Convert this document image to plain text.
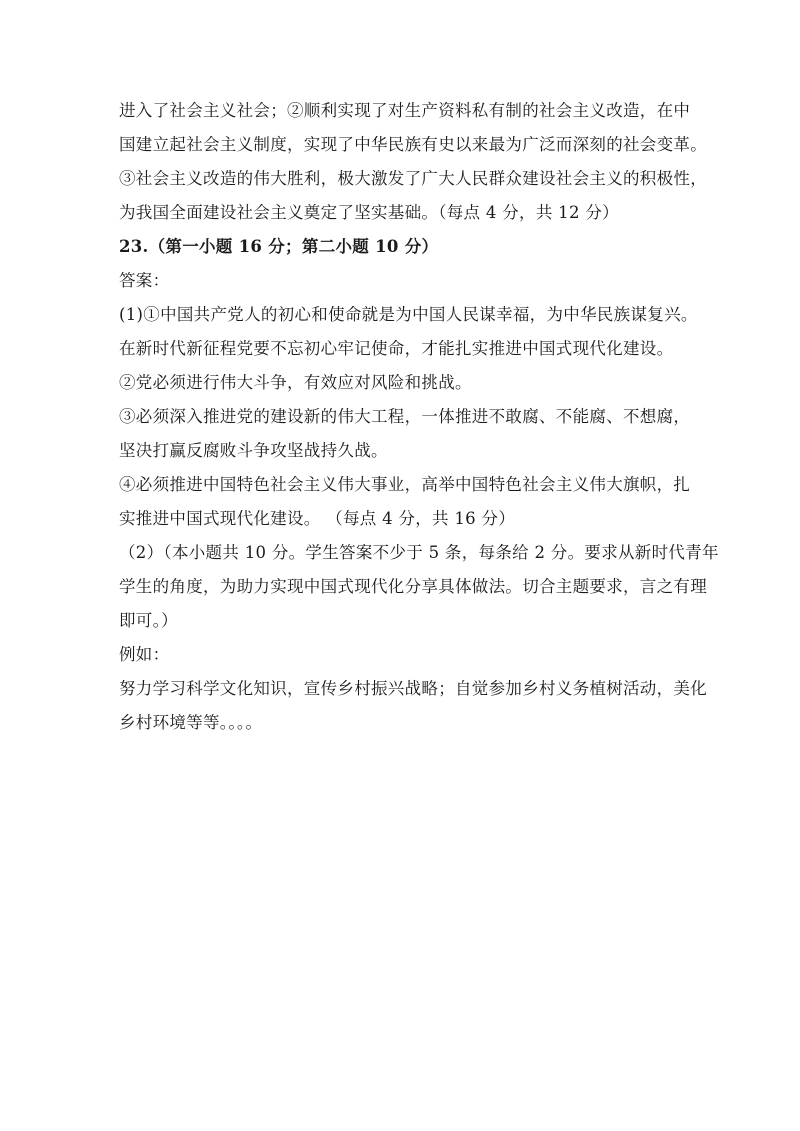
进入了社会主义社会；②顺利实现了对生产资料私有制的社会主义改造，在中
国建立起社会主义制度，实现了中华民族有史以来最为广泛而深刻的社会变革。
③社会主义改造的伟大胜利，极大激发了广大人民群众建设社会主义的积极性，
为我国全面建设社会主义奠定了坚实基础。（每点 4 分，共 12 分）
23.（第一小题 16 分；第二小题 10 分）
答案：
(1)①中国共产党人的初心和使命就是为中国人民谋幸福，为中华民族谋复兴。
在新时代新征程党要不忘初心牢记使命，才能扎实推进中国式现代化建设。
②党必须进行伟大斗争，有效应对风险和挑战。
③必须深入推进党的建设新的伟大工程，一体推进不敢腐、不能腐、不想腐，
坚决打赢反腐败斗争攻坚战持久战。
④必须推进中国特色社会主义伟大事业，高举中国特色社会主义伟大旗帜，扎
实推进中国式现代化建设。 （每点 4 分，共 16 分）
（2）（本小题共 10 分。学生答案不少于 5 条，每条给 2 分。要求从新时代青年
学生的角度，为助力实现中国式现代化分享具体做法。切合主题要求，言之有理
即可。）
例如：
努力学习科学文化知识，宣传乡村振兴战略；自觉参加乡村义务植树活动，美化
乡村环境等等。。。。
